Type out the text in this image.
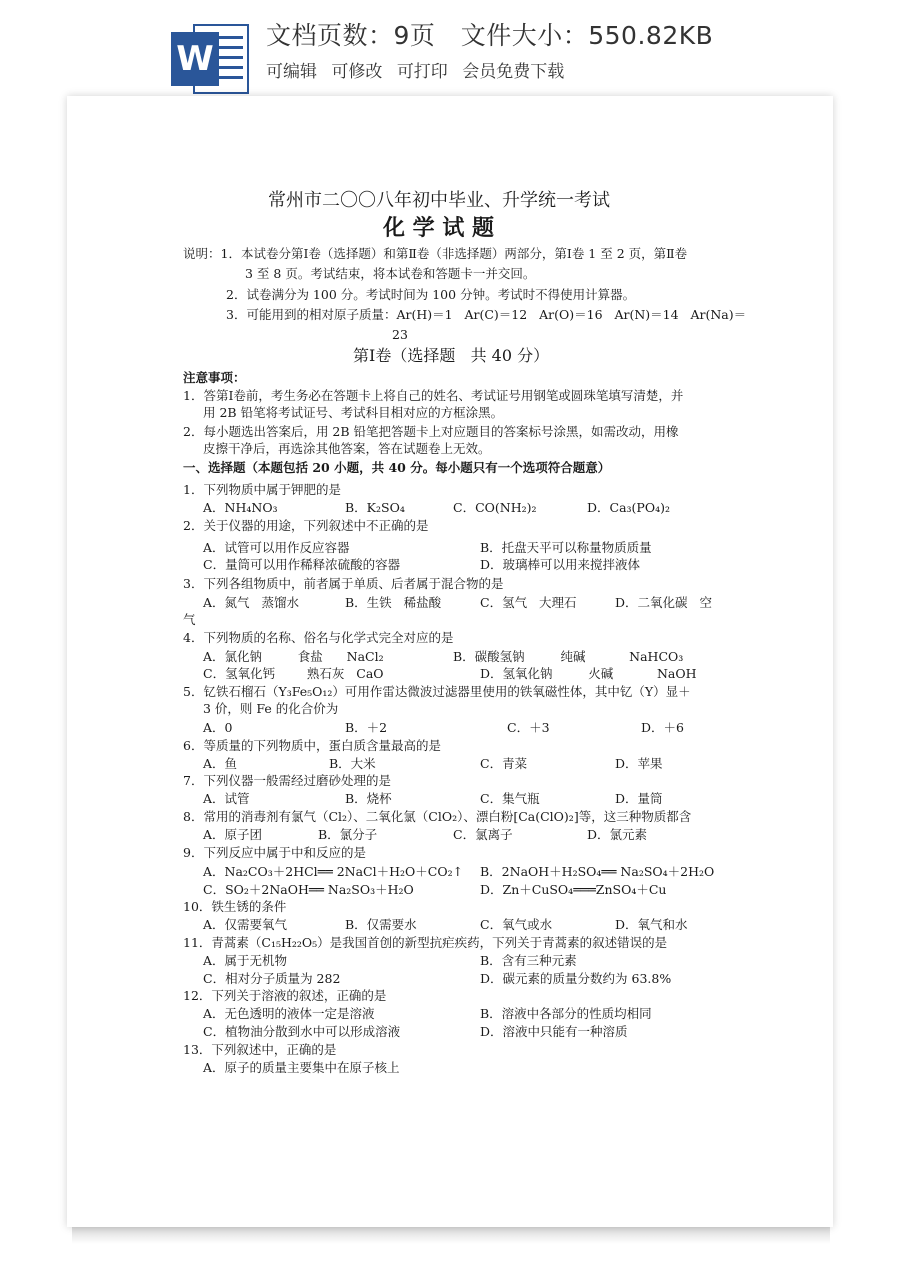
W
文档页数：9页   文件大小：550.82KB
可编辑 可修改 可打印 会员免费下载
常州市二〇〇八年初中毕业、升学统一考试
化 学 试 题
说明：1．本试卷分第Ⅰ卷（选择题）和第Ⅱ卷（非选择题）两部分，第Ⅰ卷 1 至 2 页，第Ⅱ卷
3 至 8 页。考试结束，将本试卷和答题卡一并交回。
2．试卷满分为 100 分。考试时间为 100 分钟。考试时不得使用计算器。
3．可能用到的相对原子质量：Ar(H)＝1   Ar(C)＝12   Ar(O)＝16   Ar(N)＝14   Ar(Na)＝
23
第Ⅰ卷（选择题   共 40 分）
注意事项：
1．答第Ⅰ卷前，考生务必在答题卡上将自己的姓名、考试证号用钢笔或圆珠笔填写清楚，并
用 2B 铅笔将考试证号、考试科目相对应的方框涂黑。
2．每小题选出答案后，用 2B 铅笔把答题卡上对应题目的答案标号涂黑，如需改动，用橡
皮擦干净后，再选涂其他答案，答在试题卷上无效。
一、选择题（本题包括 20 小题，共 40 分。每小题只有一个选项符合题意）
1．下列物质中属于钾肥的是
A．NH₄NO₃	B．K₂SO₄	C．CO(NH₂)₂	D．Ca₃(PO₄)₂
2．关于仪器的用途，下列叙述中不正确的是
A．试管可以用作反应容器	B．托盘天平可以称量物质质量
C．量筒可以用作稀释浓硫酸的容器	D．玻璃棒可以用来搅拌液体
3．下列各组物质中，前者属于单质、后者属于混合物的是
A．氮气   蒸馏水	B．生铁   稀盐酸	C．氢气   大理石	D．二氧化碳   空
气
4．下列物质的名称、俗名与化学式完全对应的是
A．氯化钠         食盐      NaCl₂	B．碳酸氢钠         纯碱           NaHCO₃
C．氢氧化钙        熟石灰   CaO	D．氢氧化钠         火碱           NaOH
5．钇铁石榴石（Y₃Fe₅O₁₂）可用作雷达微波过滤器里使用的铁氧磁性体，其中钇（Y）显＋
3 价，则 Fe 的化合价为
A．0	B．＋2	C．＋3	D．＋6
6．等质量的下列物质中，蛋白质含量最高的是
A．鱼	B．大米	C．青菜	D．苹果
7．下列仪器一般需经过磨砂处理的是
A．试管	B．烧杯	C．集气瓶	D．量筒
8．常用的消毒剂有氯气（Cl₂）、二氧化氯（ClO₂）、漂白粉[Ca(ClO)₂]等，这三种物质都含
A．原子团	B．氯分子	C．氯离子	D．氯元素
9．下列反应中属于中和反应的是
A．Na₂CO₃＋2HCl══ 2NaCl＋H₂O＋CO₂↑ B．2NaOH＋H₂SO₄══ Na₂SO₄＋2H₂O
C．SO₂＋2NaOH══ Na₂SO₃＋H₂O	D．Zn＋CuSO₄═══ZnSO₄＋Cu
10．铁生锈的条件
A．仅需要氧气	B．仅需要水	C．氧气或水	D．氧气和水
11．青蒿素（C₁₅H₂₂O₅）是我国首创的新型抗疟疾药，下列关于青蒿素的叙述错误的是
A．属于无机物	B．含有三种元素
C．相对分子质量为 282	D．碳元素的质量分数约为 63.8%
12．下列关于溶液的叙述，正确的是
A．无色透明的液体一定是溶液	B．溶液中各部分的性质均相同
C．植物油分散到水中可以形成溶液	D．溶液中只能有一种溶质
13．下列叙述中，正确的是
A．原子的质量主要集中在原子核上
